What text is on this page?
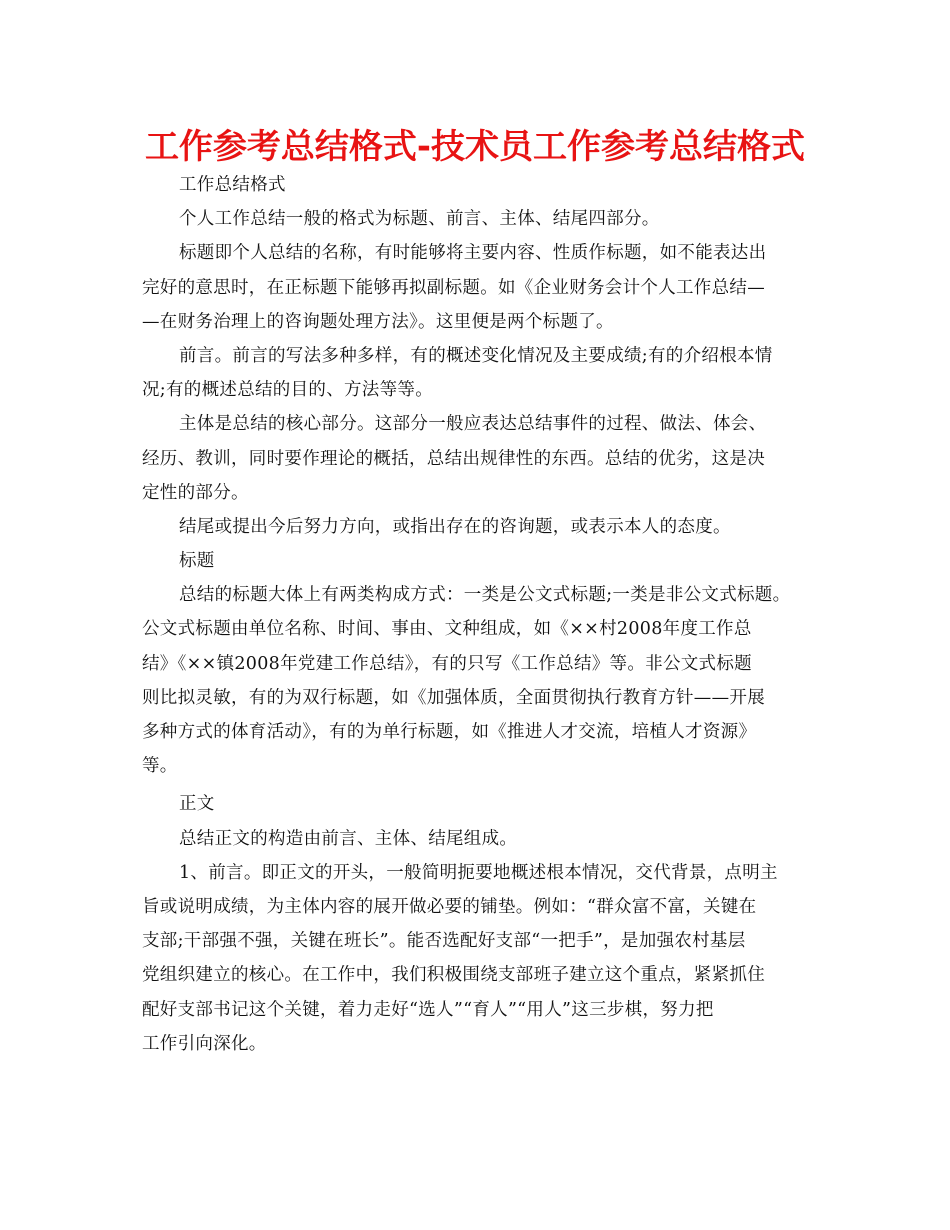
工作参考总结格式-技术员工作参考总结格式
工作总结格式
个人工作总结一般的格式为标题、前言、主体、结尾四部分。
标题即个人总结的名称，有时能够将主要内容、性质作标题，如不能表达出
完好的意思时，在正标题下能够再拟副标题。如《企业财务会计个人工作总结—
—在财务治理上的咨询题处理方法》。这里便是两个标题了。
前言。前言的写法多种多样，有的概述变化情况及主要成绩;有的介绍根本情
况;有的概述总结的目的、方法等等。
主体是总结的核心部分。这部分一般应表达总结事件的过程、做法、体会、
经历、教训，同时要作理论的概括，总结出规律性的东西。总结的优劣，这是决
定性的部分。
结尾或提出今后努力方向，或指出存在的咨询题，或表示本人的态度。
标题
总结的标题大体上有两类构成方式：一类是公文式标题;一类是非公文式标题。
公文式标题由单位名称、时间、事由、文种组成，如《××村2008年度工作总
结》《××镇2008年党建工作总结》，有的只写《工作总结》等。非公文式标题
则比拟灵敏，有的为双行标题，如《加强体质，全面贯彻执行教育方针——开展
多种方式的体育活动》，有的为单行标题，如《推进人才交流，培植人才资源》
等。
正文
总结正文的构造由前言、主体、结尾组成。
1、前言。即正文的开头，一般简明扼要地概述根本情况，交代背景，点明主
旨或说明成绩，为主体内容的展开做必要的铺垫。例如：“群众富不富，关键在
支部;干部强不强，关键在班长”。能否选配好支部“一把手”，是加强农村基层
党组织建立的核心。在工作中，我们积极围绕支部班子建立这个重点，紧紧抓住
配好支部书记这个关键，着力走好“选人”“育人”“用人”这三步棋，努力把
工作引向深化。
